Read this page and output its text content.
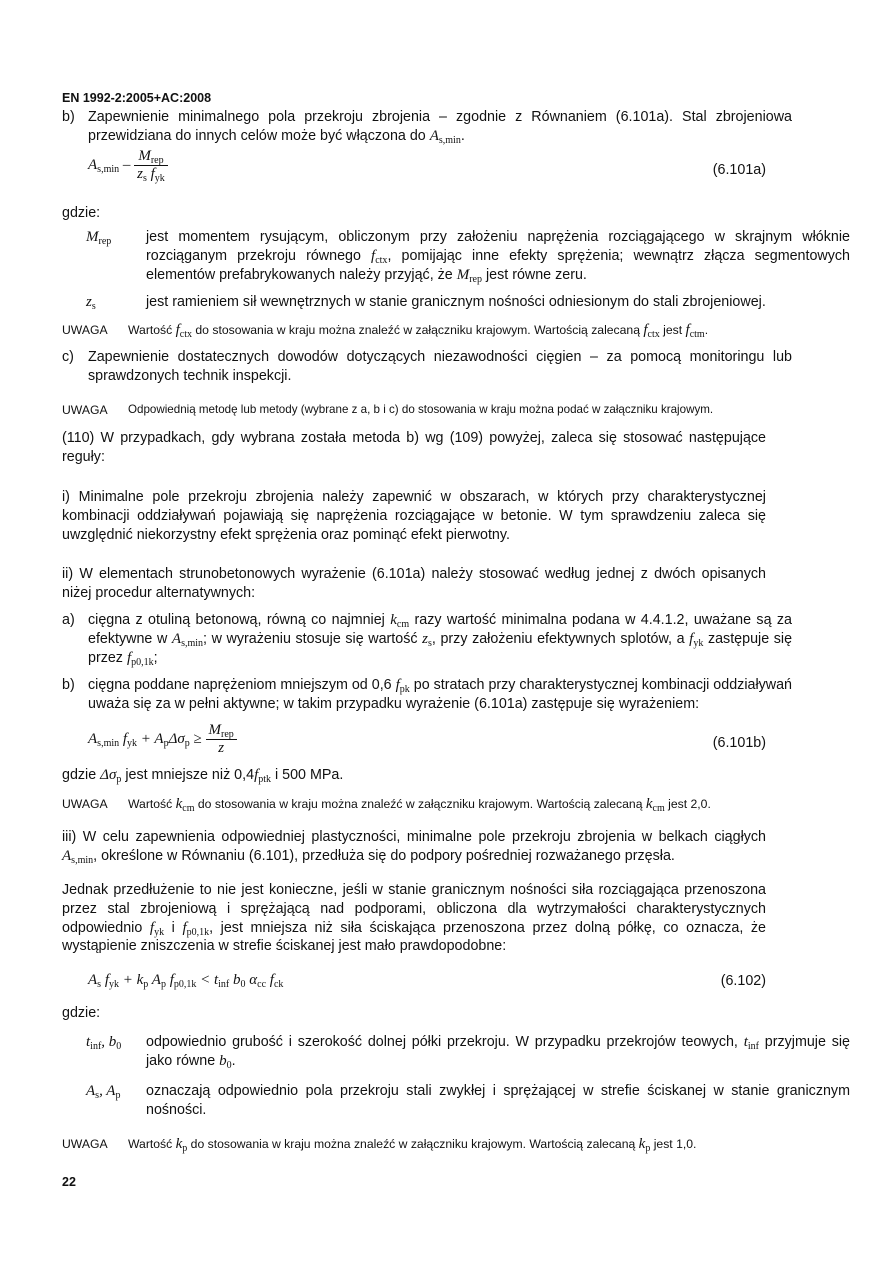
EN 1992-2:2005+AC:2008
b) Zapewnienie minimalnego pola przekroju zbrojenia – zgodnie z Równaniem (6.101a). Stal zbrojeniowa przewidziana do innych celów może być włączona do $A_{s,min}$.
$A_{s,min} - \frac{M_{rep}}{z_s f_{yk}}$	(6.101a)
gdzie:
$M_{rep}$ jest momentem rysującym, obliczonym przy założeniu naprężenia rozciągającego w skrajnym włóknie rozciąganym przekroju równego $f_{ctx}$, pomijając inne efekty sprężenia; wewnątrz złącza segmentowych elementów prefabrykowanych należy przyjąć, że $M_{rep}$ jest równe zeru.
$z_s$	jest ramieniem sił wewnętrznych w stanie granicznym nośności odniesionym do stali zbrojeniowej.
UWAGA	Wartość $f_{ctx}$ do stosowania w kraju można znaleźć w załączniku krajowym. Wartością zalecaną $f_{ctx}$ jest $f_{ctm}$.
c) Zapewnienie dostatecznych dowodów dotyczących niezawodności cięgien – za pomocą monitoringu lub sprawdzonych technik inspekcji.
UWAGA	Odpowiednią metodę lub metody (wybrane z a, b i c) do stosowania w kraju można podać w załączniku krajowym.
(110) W przypadkach, gdy wybrana została metoda b) wg (109) powyżej, zaleca się stosować następujące reguły:
i) Minimalne pole przekroju zbrojenia należy zapewnić w obszarach, w których przy charakterystycznej kombinacji oddziaływań pojawiają się naprężenia rozciągające w betonie. W tym sprawdzeniu zaleca się uwzględnić niekorzystny efekt sprężenia oraz pominąć efekt pierwotny.
ii) W elementach strunobetonowych wyrażenie (6.101a) należy stosować według jednej z dwóch opisanych niżej procedur alternatywnych:
a) cięgna z otuliną betonową, równą co najmniej $k_{cm}$ razy wartość minimalna podana w 4.4.1.2, uważane są za efektywne w $A_{s,min}$; w wyrażeniu stosuje się wartość $z_s$, przy założeniu efektywnych splotów, a $f_{yk}$ zastępuje się przez $f_{p0,1k}$;
b) cięgna poddane naprężeniom mniejszym od 0,6 $f_{pk}$ po stratach przy charakterystycznej kombinacji oddziaływań uważa się za w pełni aktywne; w takim przypadku wyrażenie (6.101a) zastępuje się wyrażeniem:
$A_{s,min}$ $f_{yk} + A_p\Delta\sigma_p \ge \frac{M_{rep}}{z}$	(6.101b)
gdzie $\Delta\sigma_p$ jest mniejsze niż $0,4f_{ptk}$ i 500 MPa.
UWAGA	Wartość $k_{cm}$ do stosowania w kraju można znaleźć w załączniku krajowym. Wartością zalecaną $k_{cm}$ jest 2,0.
iii) W celu zapewnienia odpowiedniej plastyczności, minimalne pole przekroju zbrojenia w belkach ciągłych $A_{s,min}$, określone w Równaniu (6.101), przedłuża się do podpory pośredniej rozważanego przęsła.
Jednak przedłużenie to nie jest konieczne, jeśli w stanie granicznym nośności siła rozciągająca przenoszona przez stal zbrojeniową i sprężającą nad podporami, obliczona dla wytrzymałości charakterystycznych odpowiednio $f_{yk}$ i $f_{p0,1k}$, jest mniejsza niż siła ściskająca przenoszona przez dolną półkę, co oznacza, że wystąpienie zniszczenia w strefie ściskanej jest mało prawdopodobne:
$A_s$ $f_{yk} + k_p$ $A_p$ $f_{p0,1k} < t_{inf}$ $b_0$ $\alpha_{cc}$ $f_{ck}$	(6.102)
gdzie:
$t_{inf}$, $b_0$ odpowiednio grubość i szerokość dolnej półki przekroju. W przypadku przekrojów teowych, $t_{inf}$ przyjmuje się jako równe $b_0$.
$A_s$, $A_p$ oznaczają odpowiednio pola przekroju stali zwykłej i sprężającej w strefie ściskanej w stanie granicznym nośności.
UWAGA	Wartość $k_p$ do stosowania w kraju można znaleźć w załączniku krajowym. Wartością zalecaną $k_p$ jest 1,0.
22
